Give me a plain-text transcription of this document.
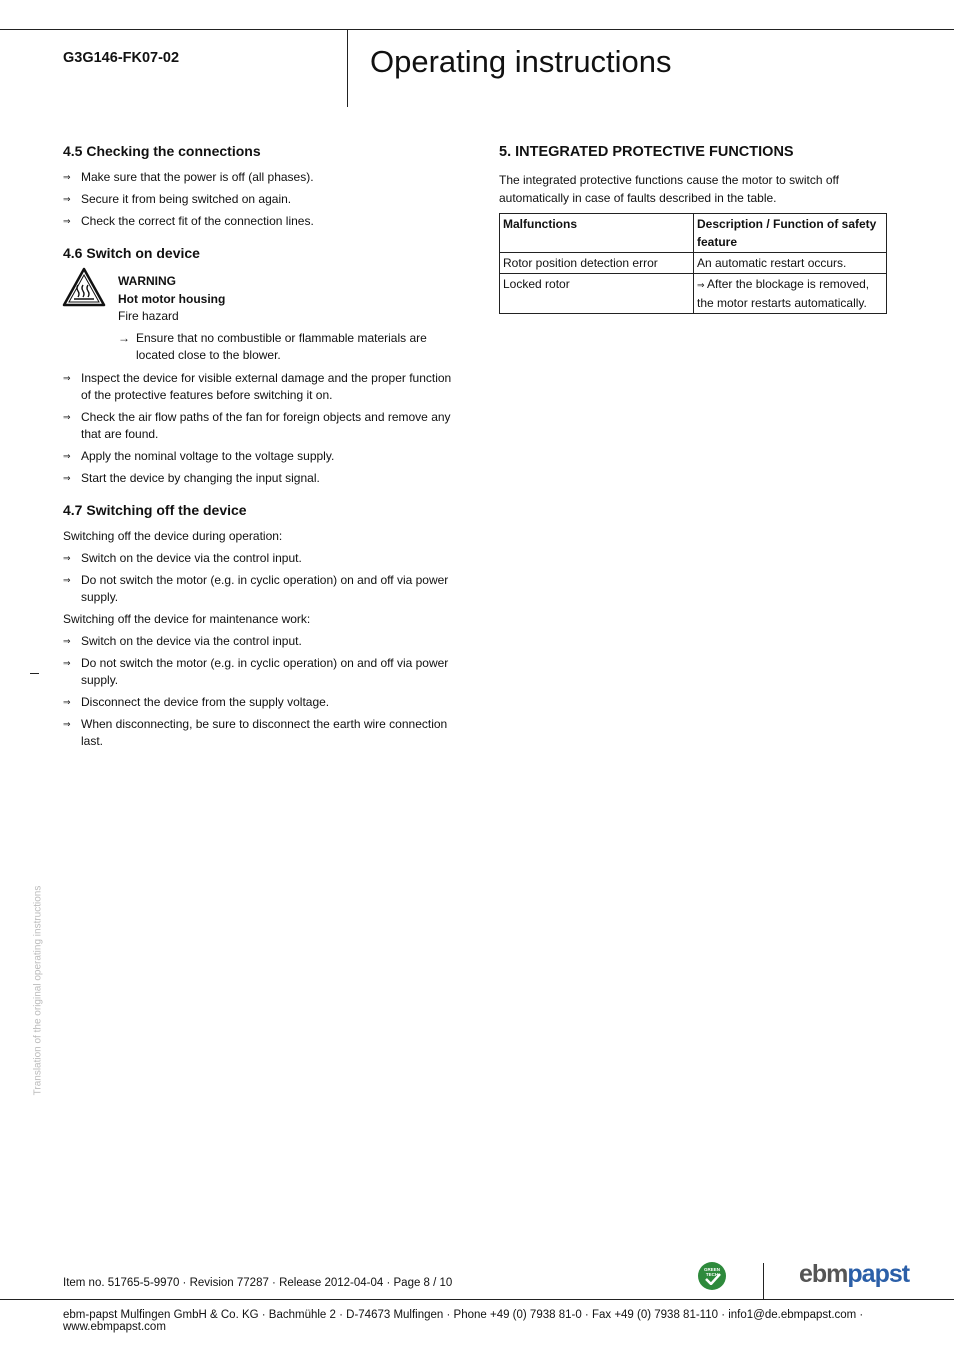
G3G146-FK07-02	Operating instructions
4.5 Checking the connections
⇒ Make sure that the power is off (all phases).
⇒ Secure it from being switched on again.
⇒ Check the correct fit of the connection lines.
4.6 Switch on device
WARNING
Hot motor housing
Fire hazard
→ Ensure that no combustible or flammable materials are located close to the blower.
⇒ Inspect the device for visible external damage and the proper function of the protective features before switching it on.
⇒ Check the air flow paths of the fan for foreign objects and remove any that are found.
⇒ Apply the nominal voltage to the voltage supply.
⇒ Start the device by changing the input signal.
4.7 Switching off the device
Switching off the device during operation:
⇒ Switch on the device via the control input.
⇒ Do not switch the motor (e.g. in cyclic operation) on and off via power supply.
Switching off the device for maintenance work:
⇒ Switch on the device via the control input.
⇒ Do not switch the motor (e.g. in cyclic operation) on and off via power supply.
⇒ Disconnect the device from the supply voltage.
⇒ When disconnecting, be sure to disconnect the earth wire connection last.
5. INTEGRATED PROTECTIVE FUNCTIONS
The integrated protective functions cause the motor to switch off automatically in case of faults described in the table.
Malfunctions	Description / Function of safety feature
Rotor position detection error	An automatic restart occurs.
Locked rotor	⇒ After the blockage is removed, the motor restarts automatically.
Translation of the original operating instructions
Item no. 51765-5-9970 · Revision 77287 · Release 2012-04-04 · Page 8 / 10
GREEN TECH	ebmpapst
ebm-papst Mulfingen GmbH & Co. KG · Bachmühle 2 · D-74673 Mulfingen · Phone +49 (0) 7938 81-0 · Fax +49 (0) 7938 81-110 · info1@de.ebmpapst.com · www.ebmpapst.com
